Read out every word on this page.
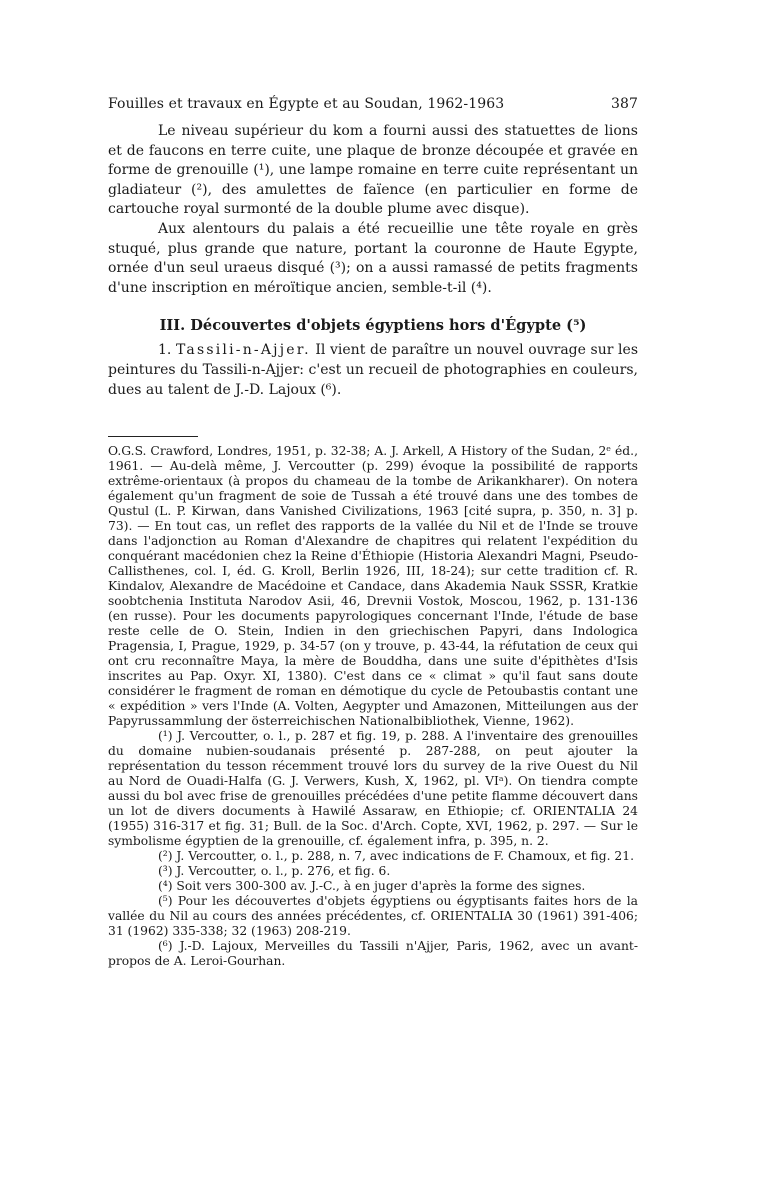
Fouilles et travaux en Égypte et au Soudan, 1962-1963	387

Le niveau supérieur du kom a fourni aussi des statuettes de lions et de faucons en terre cuite, une plaque de bronze découpée et gravée en forme de grenouille (¹), une lampe romaine en terre cuite représentant un gladiateur (²), des amulettes de faïence (en particulier en forme de cartouche royal surmonté de la double plume avec disque).

Aux alentours du palais a été recueillie une tête royale en grès stuqué, plus grande que nature, portant la couronne de Haute Egypte, ornée d'un seul uraeus disqué (³); on a aussi ramassé de petits fragments d'une inscription en méroïtique ancien, semble-t-il (⁴).

III. Découvertes d'objets égyptiens hors d'Égypte (⁵)

1. Tassili-n-Ajjer. Il vient de paraître un nouvel ouvrage sur les peintures du Tassili-n-Ajjer: c'est un recueil de photographies en couleurs, dues au talent de J.-D. Lajoux (⁶).

O.G.S. Crawford, Londres, 1951, p. 32-38; A. J. Arkell, A History of the Sudan, 2ᵉ éd., 1961. — Au-delà même, J. Vercoutter (p. 299) évoque la possibilité de rapports extrême-orientaux (à propos du chameau de la tombe de Arikankharer). On notera également qu'un fragment de soie de Tussah a été trouvé dans une des tombes de Qustul (L. P. Kirwan, dans Vanished Civilizations, 1963 [cité supra, p. 350, n. 3] p. 73). — En tout cas, un reflet des rapports de la vallée du Nil et de l'Inde se trouve dans l'adjonction au Roman d'Alexandre de chapitres qui relatent l'expédition du conquérant macédonien chez la Reine d'Éthiopie (Historia Alexandri Magni, Pseudo-Callisthenes, col. I, éd. G. Kroll, Berlin 1926, III, 18-24); sur cette tradition cf. R. Kindalov, Alexandre de Macédoine et Candace, dans Akademia Nauk SSSR, Kratkie soobtchenia Instituta Narodov Asii, 46, Drevnii Vostok, Moscou, 1962, p. 131-136 (en russe). Pour les documents papyrologiques concernant l'Inde, l'étude de base reste celle de O. Stein, Indien in den griechischen Papyri, dans Indologica Pragensia, I, Prague, 1929, p. 34-57 (on y trouve, p. 43-44, la réfutation de ceux qui ont cru reconnaître Maya, la mère de Bouddha, dans une suite d'épithètes d'Isis inscrites au Pap. Oxyr. XI, 1380). C'est dans ce « climat » qu'il faut sans doute considérer le fragment de roman en démotique du cycle de Petoubastis contant une « expédition » vers l'Inde (A. Volten, Aegypter und Amazonen, Mitteilungen aus der Papyrussammlung der österreichischen Nationalbibliothek, Vienne, 1962).

(¹) J. Vercoutter, o. l., p. 287 et fig. 19, p. 288. A l'inventaire des grenouilles du domaine nubien-soudanais présenté p. 287-288, on peut ajouter la représentation du tesson récemment trouvé lors du survey de la rive Ouest du Nil au Nord de Ouadi-Halfa (G. J. Verwers, Kush, X, 1962, pl. VIᵃ). On tiendra compte aussi du bol avec frise de grenouilles précédées d'une petite flamme découvert dans un lot de divers documents à Hawilé Assaraw, en Ethiopie; cf. ORIENTALIA 24 (1955) 316-317 et fig. 31; Bull. de la Soc. d'Arch. Copte, XVI, 1962, p. 297. — Sur le symbolisme égyptien de la grenouille, cf. également infra, p. 395, n. 2.

(²) J. Vercoutter, o. l., p. 288, n. 7, avec indications de F. Chamoux, et fig. 21.

(³) J. Vercoutter, o. l., p. 276, et fig. 6.

(⁴) Soit vers 300-300 av. J.-C., à en juger d'après la forme des signes.

(⁵) Pour les découvertes d'objets égyptiens ou égyptisants faites hors de la vallée du Nil au cours des années précédentes, cf. ORIENTALIA 30 (1961) 391-406; 31 (1962) 335-338; 32 (1963) 208-219.

(⁶) J.-D. Lajoux, Merveilles du Tassili n'Ajjer, Paris, 1962, avec un avant-propos de A. Leroi-Gourhan.
